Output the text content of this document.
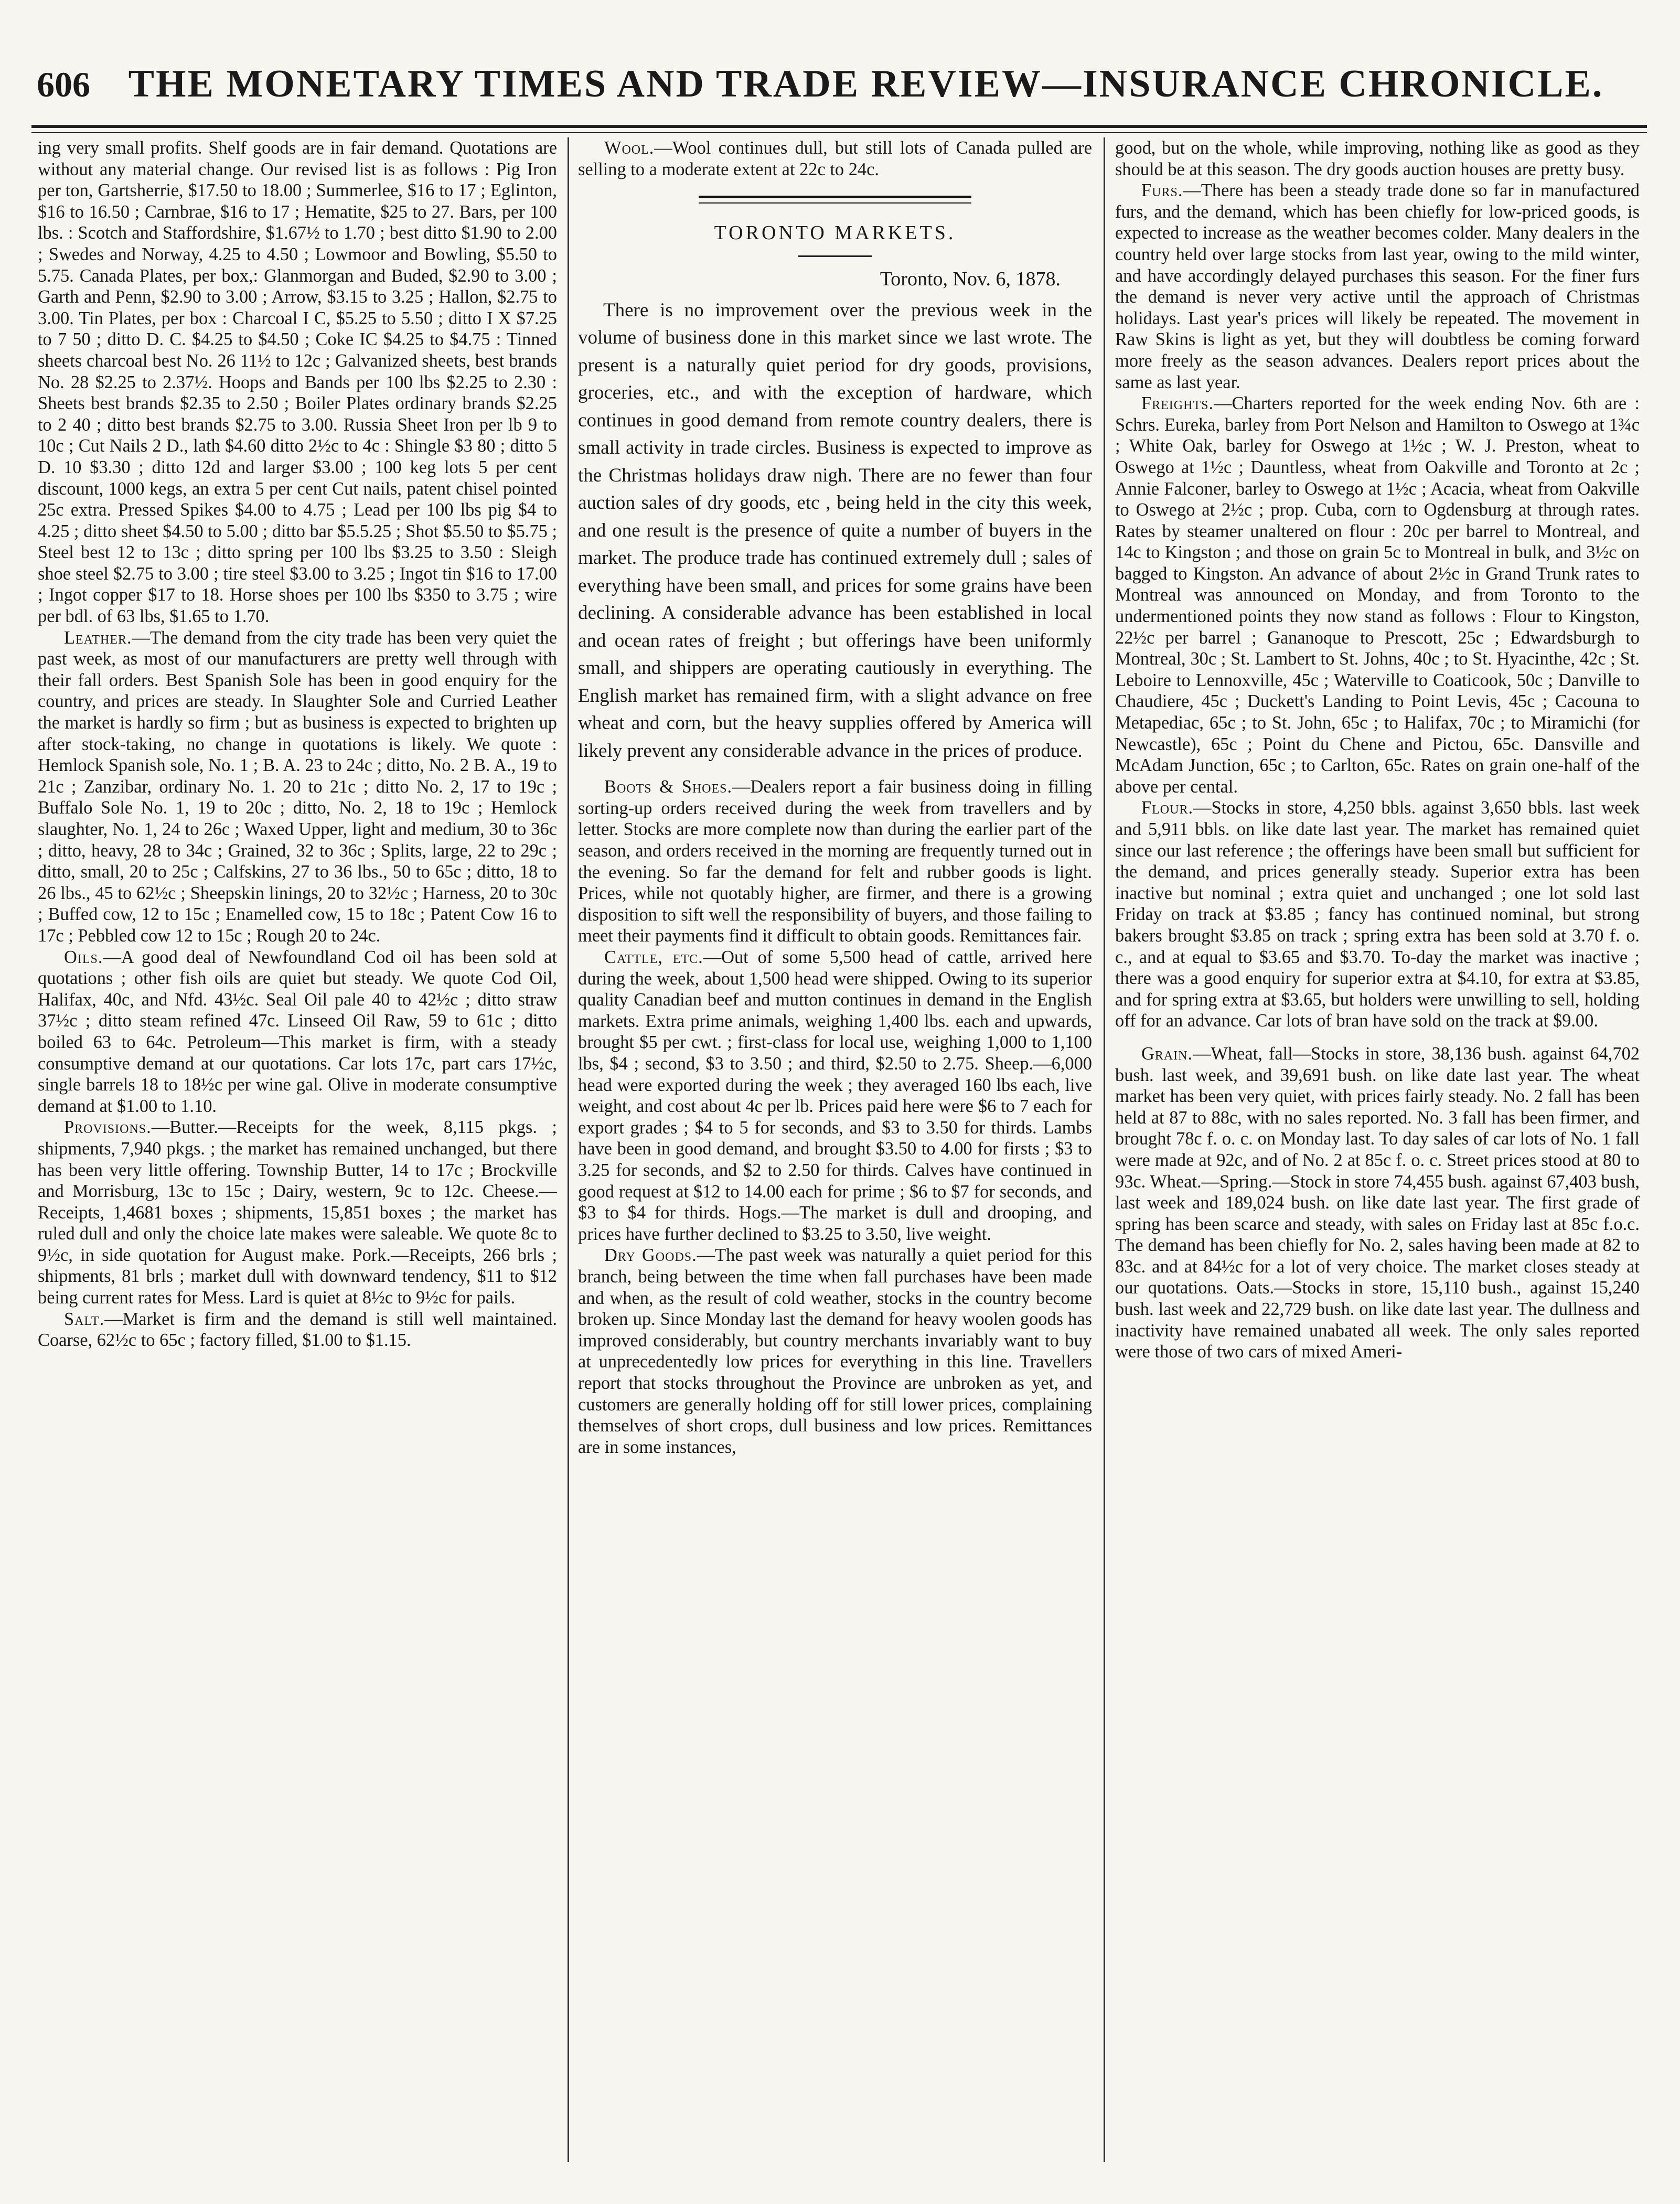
606 THE MONETARY TIMES AND TRADE REVIEW—INSURANCE CHRONICLE.

ing very small profits. Shelf goods are in fair demand. Quotations are without any material change. Our revised list is as follows : Pig Iron per ton, Gartsherrie, $17.50 to 18.00 ; Summerlee, $16 to 17 ; Eglinton, $16 to 16.50 ; Carnbrae, $16 to 17 ; Hematite, $25 to 27. Bars, per 100 lbs. : Scotch and Staffordshire, $1.67½ to 1.70 ; best ditto $1.90 to 2.00 ; Swedes and Norway, 4.25 to 4.50 ; Lowmoor and Bowling, $5.50 to 5.75. Canada Plates, per box,: Glanmorgan and Buded, $2.90 to 3.00 ; Garth and Penn, $2.90 to 3.00 ; Arrow, $3.15 to 3.25 ; Hallon, $2.75 to 3.00. Tin Plates, per box : Charcoal I C, $5.25 to 5.50 ; ditto I X $7.25 to 7 50 ; ditto D. C. $4.25 to $4.50 ; Coke IC $4.25 to $4.75 : Tinned sheets charcoal best No. 26 11½ to 12c ; Galvanized sheets, best brands No. 28 $2.25 to 2.37½. Hoops and Bands per 100 lbs $2.25 to 2.30 : Sheets best brands $2.35 to 2.50 ; Boiler Plates ordinary brands $2.25 to 2 40 ; ditto best brands $2.75 to 3.00. Russia Sheet Iron per lb 9 to 10c ; Cut Nails 2 D., lath $4.60 ditto 2½c to 4c : Shingle $3 80 ; ditto 5 D. 10 $3.30 ; ditto 12d and larger $3.00 ; 100 keg lots 5 per cent discount, 1000 kegs, an extra 5 per cent Cut nails, patent chisel pointed 25c extra. Pressed Spikes $4.00 to 4.75 ; Lead per 100 lbs pig $4 to 4.25 ; ditto sheet $4.50 to 5.00 ; ditto bar $5.5.25 ; Shot $5.50 to $5.75 ; Steel best 12 to 13c ; ditto spring per 100 lbs $3.25 to 3.50 : Sleigh shoe steel $2.75 to 3.00 ; tire steel $3.00 to 3.25 ; Ingot tin $16 to 17.00 ; Ingot copper $17 to 18. Horse shoes per 100 lbs $350 to 3.75 ; wire per bdl. of 63 lbs, $1.65 to 1.70.

Leather.—The demand from the city trade has been very quiet the past week, as most of our manufacturers are pretty well through with their fall orders. Best Spanish Sole has been in good enquiry for the country, and prices are steady. In Slaughter Sole and Curried Leather the market is hardly so firm ; but as business is expected to brighten up after stock-taking, no change in quotations is likely. We quote : Hemlock Spanish sole, No. 1 ; B. A. 23 to 24c ; ditto, No. 2 B. A., 19 to 21c ; Zanzibar, ordinary No. 1. 20 to 21c ; ditto No. 2, 17 to 19c ; Buffalo Sole No. 1, 19 to 20c ; ditto, No. 2, 18 to 19c ; Hemlock slaughter, No. 1, 24 to 26c ; Waxed Upper, light and medium, 30 to 36c ; ditto, heavy, 28 to 34c ; Grained, 32 to 36c ; Splits, large, 22 to 29c ; ditto, small, 20 to 25c ; Calfskins, 27 to 36 lbs., 50 to 65c ; ditto, 18 to 26 lbs., 45 to 62½c ; Sheepskin linings, 20 to 32½c ; Harness, 20 to 30c ; Buffed cow, 12 to 15c ; Enamelled cow, 15 to 18c ; Patent Cow 16 to 17c ; Pebbled cow 12 to 15c ; Rough 20 to 24c.

Oils.—A good deal of Newfoundland Cod oil has been sold at quotations ; other fish oils are quiet but steady. We quote Cod Oil, Halifax, 40c, and Nfd. 43½c. Seal Oil pale 40 to 42½c ; ditto straw 37½c ; ditto steam refined 47c. Linseed Oil Raw, 59 to 61c ; ditto boiled 63 to 64c. Petroleum—This market is firm, with a steady consumptive demand at our quotations. Car lots 17c, part cars 17½c, single barrels 18 to 18½c per wine gal. Olive in moderate consumptive demand at $1.00 to 1.10.

Provisions.—Butter.—Receipts for the week, 8,115 pkgs. ; shipments, 7,940 pkgs. ; the market has remained unchanged, but there has been very little offering. Township Butter, 14 to 17c ; Brockville and Morrisburg, 13c to 15c ; Dairy, western, 9c to 12c. Cheese.—Receipts, 1,4681 boxes ; shipments, 15,851 boxes ; the market has ruled dull and only the choice late makes were saleable. We quote 8c to 9½c, in side quotation for August make. Pork.—Receipts, 266 brls ; shipments, 81 brls ; market dull with downward tendency, $11 to $12 being current rates for Mess. Lard is quiet at 8½c to 9½c for pails.

Salt.—Market is firm and the demand is still well maintained. Coarse, 62½c to 65c ; factory filled, $1.00 to $1.15.

Wool.—Wool continues dull, but still lots of Canada pulled are selling to a moderate extent at 22c to 24c.

TORONTO MARKETS.
Toronto, Nov. 6, 1878.

There is no improvement over the previous week in the volume of business done in this market since we last wrote. The present is a naturally quiet period for dry goods, provisions, groceries, etc., and with the exception of hardware, which continues in good demand from remote country dealers, there is small activity in trade circles. Business is expected to improve as the Christmas holidays draw nigh. There are no fewer than four auction sales of dry goods, etc , being held in the city this week, and one result is the presence of quite a number of buyers in the market. The produce trade has continued extremely dull ; sales of everything have been small, and prices for some grains have been declining. A considerable advance has been established in local and ocean rates of freight ; but offerings have been uniformly small, and shippers are operating cautiously in everything. The English market has remained firm, with a slight advance on free wheat and corn, but the heavy supplies offered by America will likely prevent any considerable advance in the prices of produce.

Boots & Shoes.—Dealers report a fair business doing in filling sorting-up orders received during the week from travellers and by letter. Stocks are more complete now than during the earlier part of the season, and orders received in the morning are frequently turned out in the evening. So far the demand for felt and rubber goods is light. Prices, while not quotably higher, are firmer, and there is a growing disposition to sift well the responsibility of buyers, and those failing to meet their payments find it difficult to obtain goods. Remittances fair.

Cattle, etc.—Out of some 5,500 head of cattle, arrived here during the week, about 1,500 head were shipped. Owing to its superior quality Canadian beef and mutton continues in demand in the English markets. Extra prime animals, weighing 1,400 lbs. each and upwards, brought $5 per cwt. ; first-class for local use, weighing 1,000 to 1,100 lbs, $4 ; second, $3 to 3.50 ; and third, $2.50 to 2.75. Sheep.—6,000 head were exported during the week ; they averaged 160 lbs each, live weight, and cost about 4c per lb. Prices paid here were $6 to 7 each for export grades ; $4 to 5 for seconds, and $3 to 3.50 for thirds. Lambs have been in good demand, and brought $3.50 to 4.00 for firsts ; $3 to 3.25 for seconds, and $2 to 2.50 for thirds. Calves have continued in good request at $12 to 14.00 each for prime ; $6 to $7 for seconds, and $3 to $4 for thirds. Hogs.—The market is dull and drooping, and prices have further declined to $3.25 to 3.50, live weight.

Dry Goods.—The past week was naturally a quiet period for this branch, being between the time when fall purchases have been made and when, as the result of cold weather, stocks in the country become broken up. Since Monday last the demand for heavy woolen goods has improved considerably, but country merchants invariably want to buy at unprecedentedly low prices for everything in this line. Travellers report that stocks throughout the Province are unbroken as yet, and customers are generally holding off for still lower prices, complaining themselves of short crops, dull business and low prices. Remittances are in some instances,

good, but on the whole, while improving, nothing like as good as they should be at this season. The dry goods auction houses are pretty busy.

Furs.—There has been a steady trade done so far in manufactured furs, and the demand, which has been chiefly for low-priced goods, is expected to increase as the weather becomes colder. Many dealers in the country held over large stocks from last year, owing to the mild winter, and have accordingly delayed purchases this season. For the finer furs the demand is never very active until the approach of Christmas holidays. Last year's prices will likely be repeated. The movement in Raw Skins is light as yet, but they will doubtless be coming forward more freely as the season advances. Dealers report prices about the same as last year.

Freights.—Charters reported for the week ending Nov. 6th are : Schrs. Eureka, barley from Port Nelson and Hamilton to Oswego at 1¾c ; White Oak, barley for Oswego at 1½c ; W. J. Preston, wheat to Oswego at 1½c ; Dauntless, wheat from Oakville and Toronto at 2c ; Annie Falconer, barley to Oswego at 1½c ; Acacia, wheat from Oakville to Oswego at 2½c ; prop. Cuba, corn to Ogdensburg at through rates. Rates by steamer unaltered on flour : 20c per barrel to Montreal, and 14c to Kingston ; and those on grain 5c to Montreal in bulk, and 3½c on bagged to Kingston. An advance of about 2½c in Grand Trunk rates to Montreal was announced on Monday, and from Toronto to the undermentioned points they now stand as follows : Flour to Kingston, 22½c per barrel ; Gananoque to Prescott, 25c ; Edwardsburgh to Montreal, 30c ; St. Lambert to St. Johns, 40c ; to St. Hyacinthe, 42c ; St. Leboire to Lennoxville, 45c ; Waterville to Coaticook, 50c ; Danville to Chaudiere, 45c ; Duckett's Landing to Point Levis, 45c ; Cacouna to Metapediac, 65c ; to St. John, 65c ; to Halifax, 70c ; to Miramichi (for Newcastle), 65c ; Point du Chene and Pictou, 65c. Dansville and McAdam Junction, 65c ; to Carlton, 65c. Rates on grain one-half of the above per cental.

Flour.—Stocks in store, 4,250 bbls. against 3,650 bbls. last week and 5,911 bbls. on like date last year. The market has remained quiet since our last reference ; the offerings have been small but sufficient for the demand, and prices generally steady. Superior extra has been inactive but nominal ; extra quiet and unchanged ; one lot sold last Friday on track at $3.85 ; fancy has continued nominal, but strong bakers brought $3.85 on track ; spring extra has been sold at 3.70 f. o. c., and at equal to $3.65 and $3.70. To-day the market was inactive ; there was a good enquiry for superior extra at $4.10, for extra at $3.85, and for spring extra at $3.65, but holders were unwilling to sell, holding off for an advance. Car lots of bran have sold on the track at $9.00.

Grain.—Wheat, fall—Stocks in store, 38,136 bush. against 64,702 bush. last week, and 39,691 bush. on like date last year. The wheat market has been very quiet, with prices fairly steady. No. 2 fall has been held at 87 to 88c, with no sales reported. No. 3 fall has been firmer, and brought 78c f. o. c. on Monday last. To day sales of car lots of No. 1 fall were made at 92c, and of No. 2 at 85c f. o. c. Street prices stood at 80 to 93c. Wheat.—Spring.—Stock in store 74,455 bush. against 67,403 bush, last week and 189,024 bush. on like date last year. The first grade of spring has been scarce and steady, with sales on Friday last at 85c f.o.c. The demand has been chiefly for No. 2, sales having been made at 82 to 83c. and at 84½c for a lot of very choice. The market closes steady at our quotations. Oats.—Stocks in store, 15,110 bush., against 15,240 bush. last week and 22,729 bush. on like date last year. The dullness and inactivity have remained unabated all week. The only sales reported were those of two cars of mixed Ameri-
